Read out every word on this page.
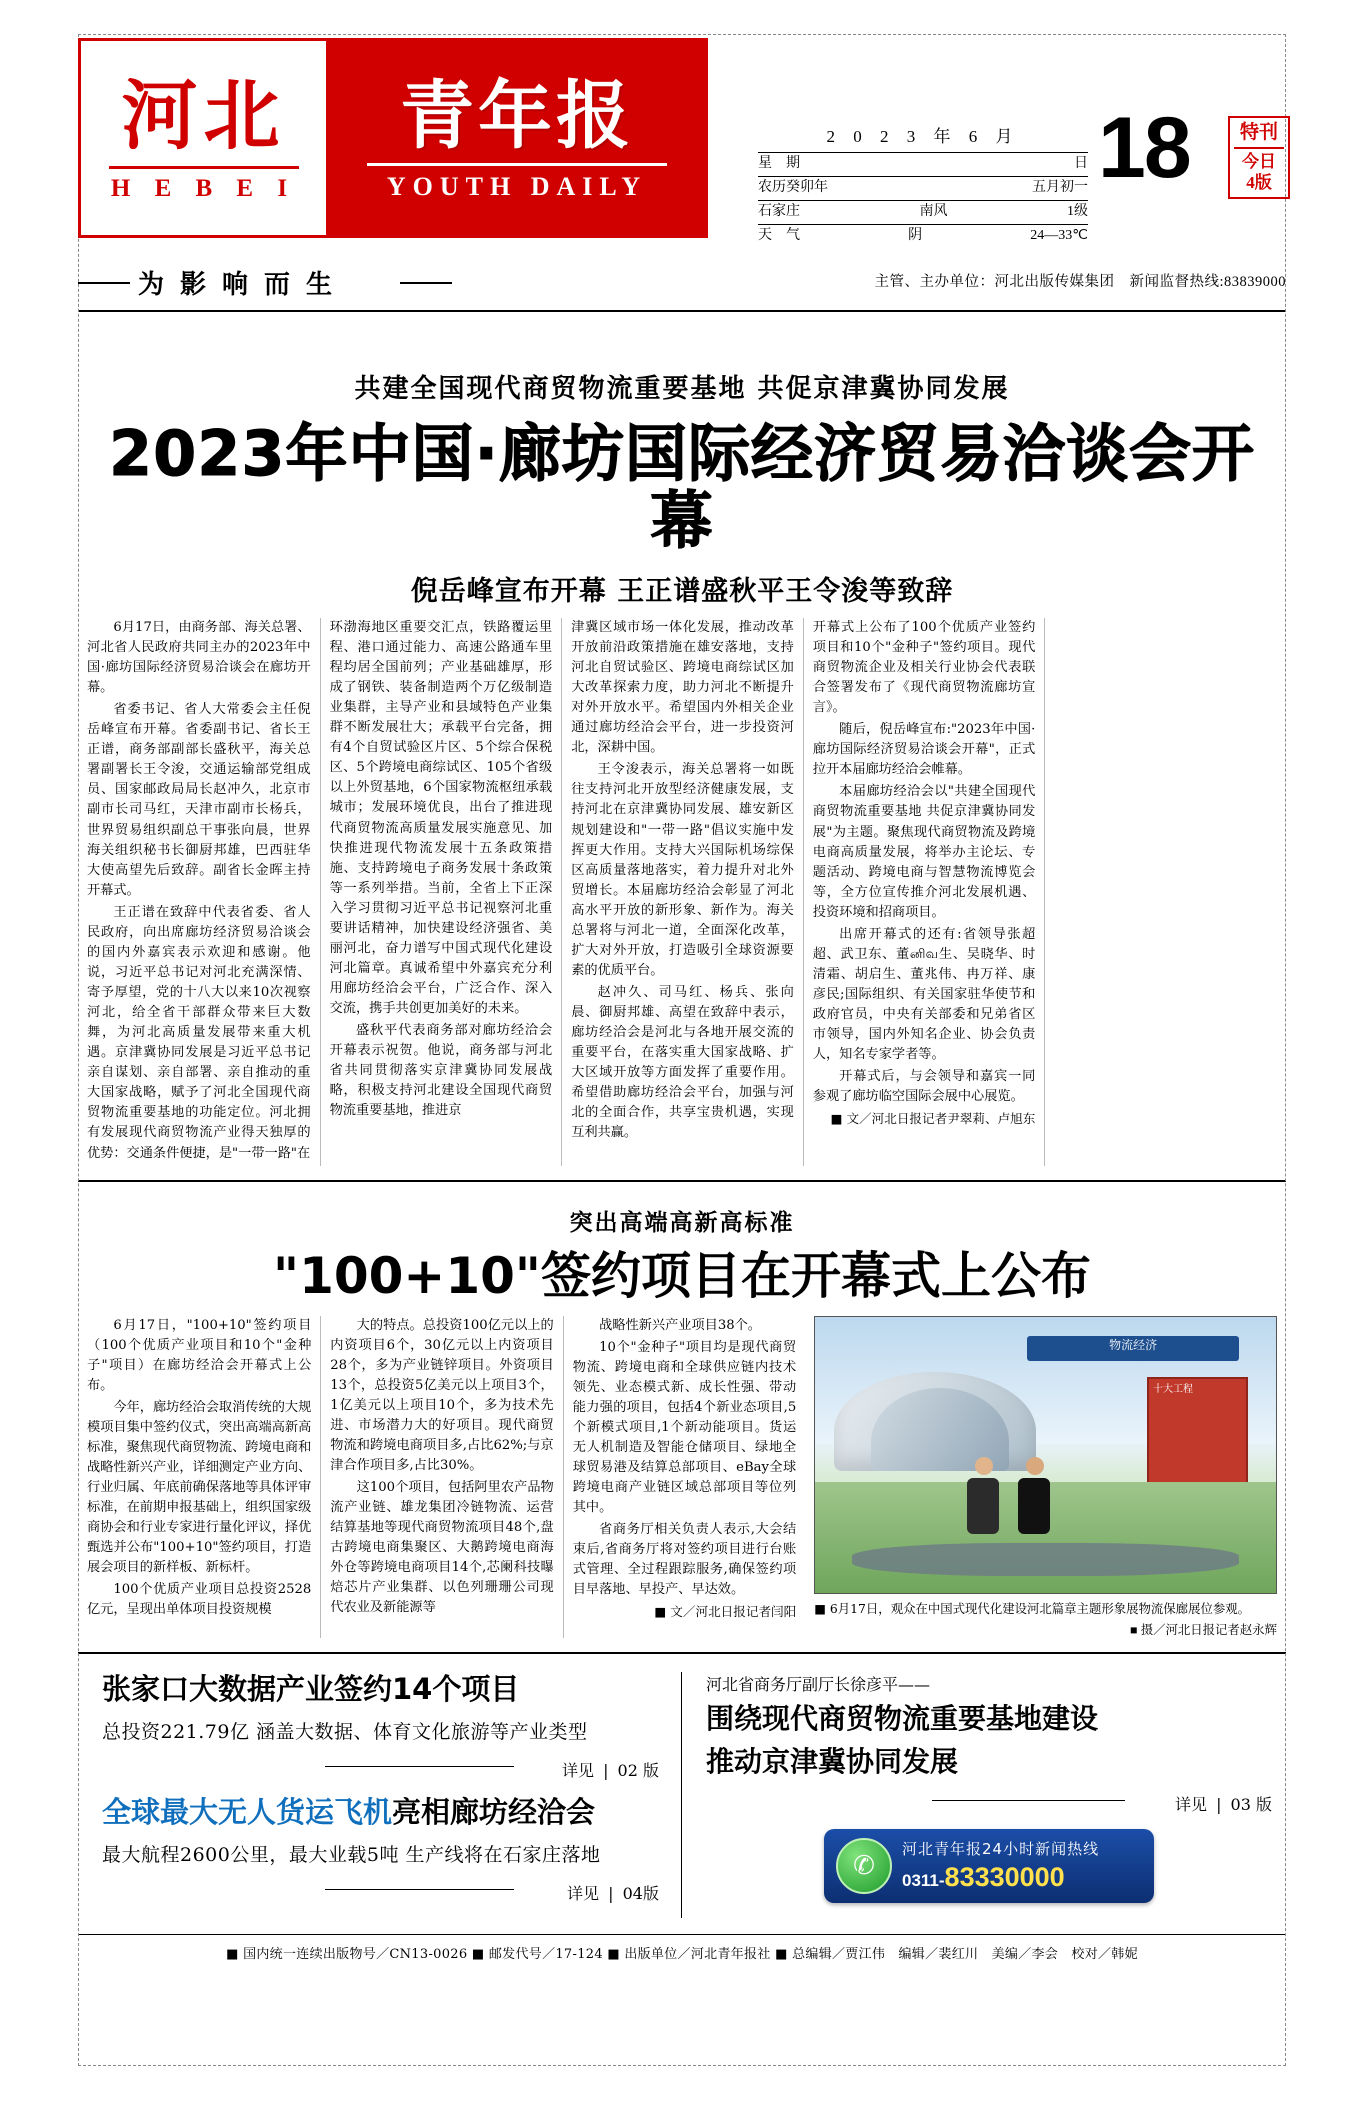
河北
H E B E I
青年报
YOUTH DAILY
2 0 2 3 年 6 月
星　期	日
农历癸卯年	五月初一
石家庄	南风	1级
天　气	阴	24—33℃
18	特刊
今日
4版
为影响而生	主管、主办单位：河北出版传媒集团　新闻监督热线:83839000
共建全国现代商贸物流重要基地 共促京津冀协同发展
2023年中国·廊坊国际经济贸易洽谈会开幕
倪岳峰宣布开幕 王正谱盛秋平王令浚等致辞

6月17日，由商务部、海关总署、河北省人民政府共同主办的2023年中国·廊坊国际经济贸易洽谈会在廊坊开幕。

省委书记、省人大常委会主任倪岳峰宣布开幕。省委副书记、省长王正谱，商务部副部长盛秋平，海关总署副署长王令浚，交通运输部党组成员、国家邮政局局长赵冲久，北京市副市长司马红，天津市副市长杨兵，世界贸易组织副总干事张向晨，世界海关组织秘书长御厨邦雄，巴西驻华大使高望先后致辞。副省长金晖主持开幕式。

王正谱在致辞中代表省委、省人民政府，向出席廊坊经济贸易洽谈会的国内外嘉宾表示欢迎和感谢。他说，习近平总书记对河北充满深情、寄予厚望，党的十八大以来10次视察河北，给全省干部群众带来巨大数舞，为河北高质量发展带来重大机遇。京津冀协同发展是习近平总书记亲自谋划、亲自部署、亲自推动的重大国家战略，赋予了河北全国现代商贸物流重要基地的功能定位。河北拥有发展现代商贸物流产业得天独厚的优势：交通条件便捷，是"一带一路"在

环渤海地区重要交汇点，铁路覆运里程、港口通过能力、高速公路通车里程均居全国前列；产业基础雄厚，形成了钢铁、装备制造两个万亿级制造业集群，主导产业和县域特色产业集群不断发展壮大；承载平台完备，拥有4个自贸试验区片区、5个综合保税区、5个跨境电商综试区、105个省级以上外贸基地，6个国家物流枢纽承载城市；发展环境优良，出台了推进现代商贸物流高质量发展实施意见、加快推进现代物流发展十五条政策措施、支持跨境电子商务发展十条政策等一系列举措。当前，全省上下正深入学习贯彻习近平总书记视察河北重要讲话精神，加快建设经济强省、美丽河北，奋力谱写中国式现代化建设河北篇章。真诚希望中外嘉宾充分利用廊坊经洽会平台，广泛合作、深入交流，携手共创更加美好的未来。

盛秋平代表商务部对廊坊经洽会开幕表示祝贺。他说，商务部与河北省共同贯彻落实京津冀协同发展战略，积极支持河北建设全国现代商贸物流重要基地，推进京

津冀区域市场一体化发展，推动改革开放前沿政策措施在雄安落地，支持河北自贸试验区、跨境电商综试区加大改革探索力度，助力河北不断提升对外开放水平。希望国内外相关企业通过廊坊经洽会平台，进一步投资河北，深耕中国。

王令浚表示，海关总署将一如既往支持河北开放型经济健康发展，支持河北在京津冀协同发展、雄安新区规划建设和"一带一路"倡议实施中发挥更大作用。支持大兴国际机场综保区高质量落地落实，着力提升对北外贸增长。本届廊坊经洽会彰显了河北高水平开放的新形象、新作为。海关总署将与河北一道，全面深化改革，扩大对外开放，打造吸引全球资源要素的优质平台。

赵冲久、司马红、杨兵、张向晨、御厨邦雄、高望在致辞中表示，廊坊经洽会是河北与各地开展交流的重要平台，在落实重大国家战略、扩大区域开放等方面发挥了重要作用。希望借助廊坊经洽会平台，加强与河北的全面合作，共享宝贵机遇，实现互利共赢。

开幕式上公布了100个优质产业签约项目和10个"金种子"签约项目。现代商贸物流企业及相关行业协会代表联合签署发布了《现代商贸物流廊坊宣言》。

随后，倪岳峰宣布:"2023年中国·廊坊国际经济贸易洽谈会开幕"，正式拉开本届廊坊经洽会帷幕。

本届廊坊经洽会以"共建全国现代商贸物流重要基地 共促京津冀协同发展"为主题。聚焦现代商贸物流及跨境电商高质量发展，将举办主论坛、专题活动、跨境电商与智慧物流博览会等，全方位宣传推介河北发展机遇、投资环境和招商项目。

出席开幕式的还有:省领导张超超、武卫东、董னிவ生、吴晓华、时清霜、胡启生、董兆伟、冉万祥、康彦民;国际组织、有关国家驻华使节和政府官员，中央有关部委和兄弟省区市领导，国内外知名企业、协会负责人，知名专家学者等。

开幕式后，与会领导和嘉宾一同参观了廊坊临空国际会展中心展览。

■ 文／河北日报记者尹翠莉、卢旭东

突出高端高新高标准
"100+10"签约项目在开幕式上公布

6月17日，"100+10"签约项目（100个优质产业项目和10个"金种子"项目）在廊坊经洽会开幕式上公布。

今年，廊坊经洽会取消传统的大规模项目集中签约仪式，突出高端高新高标准，聚焦现代商贸物流、跨境电商和战略性新兴产业，详细测定产业方向、行业归属、年底前确保落地等具体评审标准，在前期申报基础上，组织国家级商协会和行业专家进行量化评议，择优甄选并公布"100+10"签约项目，打造展会项目的新样板、新标杆。

100个优质产业项目总投资2528亿元，呈现出单体项目投资规模

大的特点。总投资100亿元以上的内资项目6个，30亿元以上内资项目28个，多为产业链锌项目。外资项目13个，总投资5亿美元以上项目3个，1亿美元以上项目10个，多为技术先进、市场潜力大的好项目。现代商贸物流和跨境电商项目多,占比62%;与京津合作项目多,占比30%。

这100个项目，包括阿里农产品物流产业链、雄龙集团冷链物流、运营结算基地等现代商贸物流项目48个,盘古跨境电商集聚区、大鹅跨境电商海外仓等跨境电商项目14个,芯阑科技曝焙芯片产业集群、以色列珊珊公司现代农业及新能源等

战略性新兴产业项目38个。

10个"金种子"项目均是现代商贸物流、跨境电商和全球供应链内技术领先、业态模式新、成长性强、带动能力强的项目，包括4个新业态项目,5个新模式项目,1个新动能项目。货运无人机制造及智能仓储项目、绿地全球贸易港及结算总部项目、eBay全球跨境电商产业链区域总部项目等位列其中。

省商务厅相关负责人表示,大会结束后,省商务厅将对签约项目进行台账式管理、全过程跟踪服务,确保签约项目早落地、早投产、早达效。

■ 文／河北日报记者闫阳

物流经济
十大工程
■ 6月17日，观众在中国式现代化建设河北篇章主题形象展物流保廊展位参观。
■ 摄／河北日报记者赵永辉
张家口大数据产业签约14个项目
总投资221.79亿 涵盖大数据、体育文化旅游等产业类型
详见 | 02 版
全球最大无人货运飞机亮相廊坊经洽会
最大航程2600公里，最大业载5吨 生产线将在石家庄落地
详见 | 04版
河北省商务厅副厅长徐彦平——
围绕现代商贸物流重要基地建设
推动京津冀协同发展
详见 | 03 版
✆
河北青年报24小时新闻热线
0311-83330000
■ 国内统一连续出版物号／CN13-0026 ■ 邮发代号／17-124 ■ 出版单位／河北青年报社 ■ 总编辑／贾江伟　编辑／裴红川　美编／李会　校对／韩妮
